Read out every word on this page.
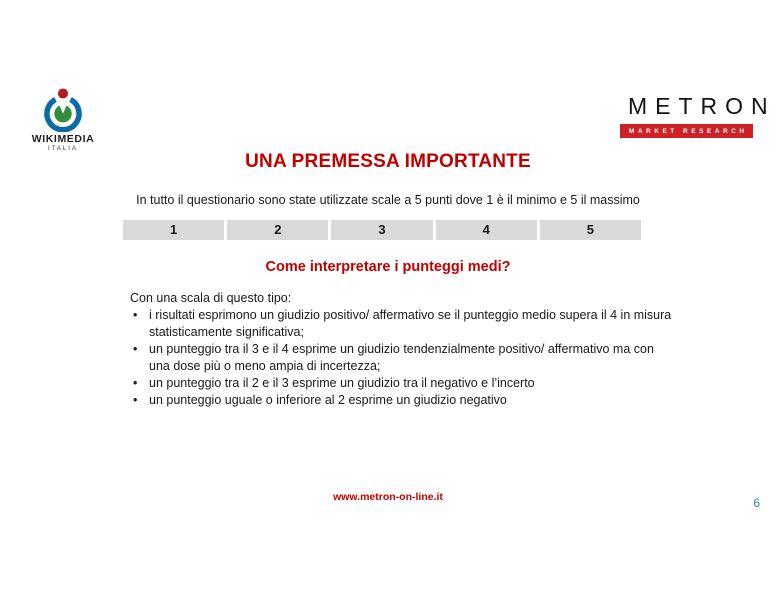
WIKIMEDIA
ITALIA
METRON
MARKET RESEARCH
UNA PREMESSA IMPORTANTE

In tutto il questionario sono state utilizzate scale a 5 punti dove 1 è il minimo e 5 il massimo

1	2	3	4	5
Come interpretare i punteggi medi?

Con una scala di questo tipo:

• i risultati esprimono un giudizio positivo/ affermativo se il punteggio medio supera il 4 in misura statisticamente significativa;
• un punteggio tra il 3 e il 4 esprime un giudizio tendenzialmente positivo/ affermativo ma con una dose più o meno ampia di incertezza;
• un punteggio tra il 2 e il 3 esprime un giudizio tra il negativo e l’incerto
• un punteggio uguale o inferiore al 2 esprime un giudizio negativo
www.metron-on-line.it	6
